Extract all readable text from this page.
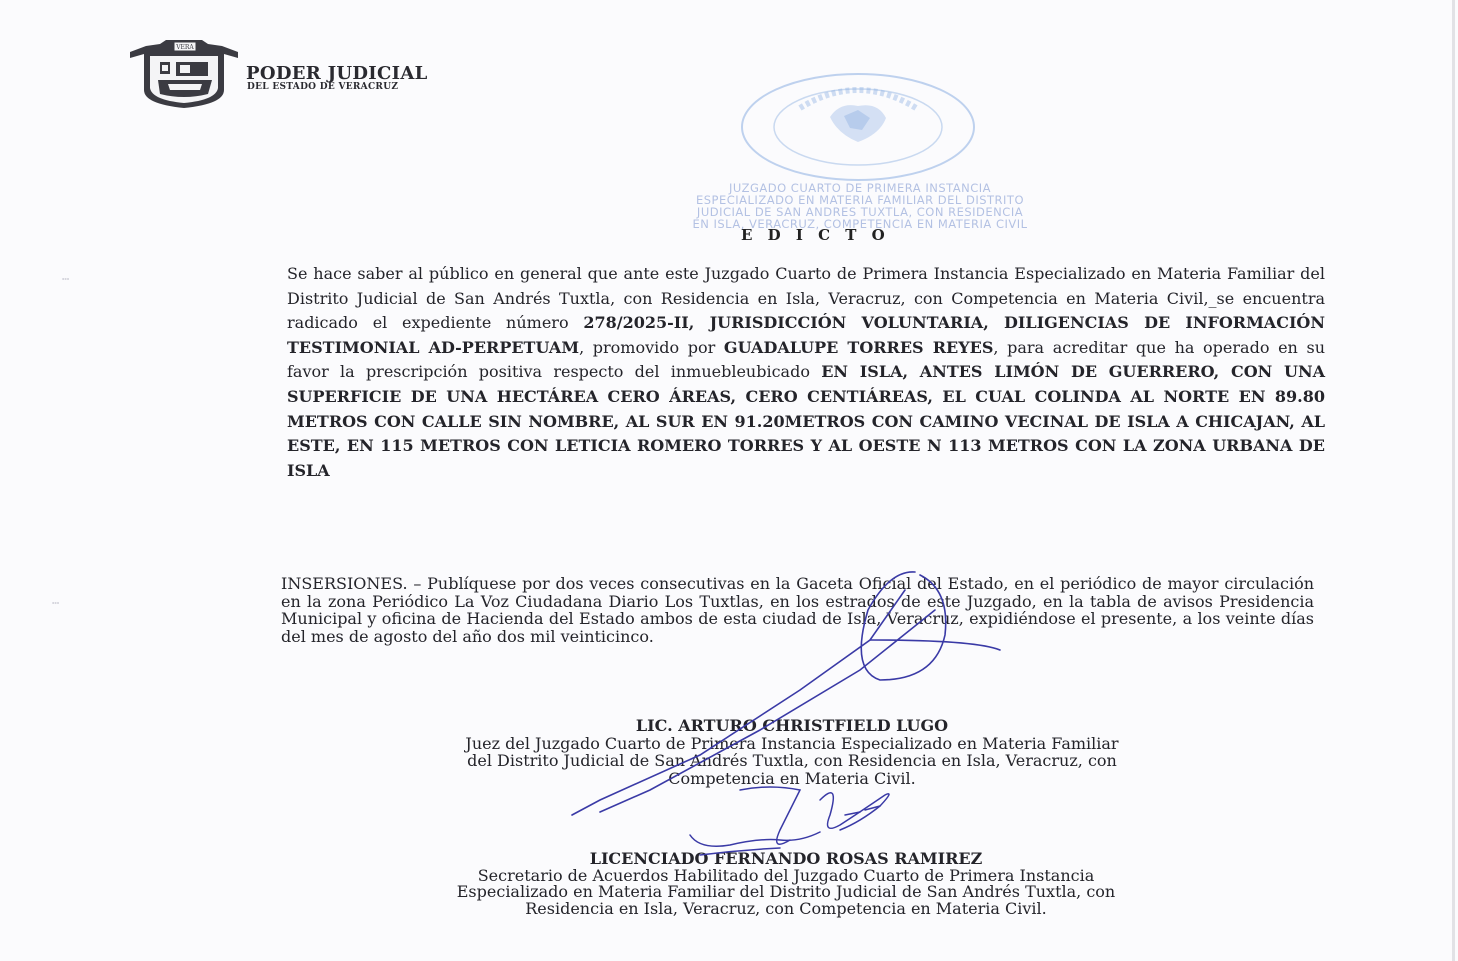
┅
┅
VERA
PODER JUDICIAL
DEL ESTADO DE VERACRUZ
JUZGADO CUARTO DE PRIMERA INSTANCIA
ESPECIALIZADO EN MATERIA FAMILIAR DEL DISTRITO
JUDICIAL DE SAN ANDRES TUXTLA, CON RESIDENCIA
EN ISLA, VERACRUZ, COMPETENCIA EN MATERIA CIVIL
E D I C T O
Se hace saber al público en general que ante este Juzgado Cuarto de Primera Instancia Especializado en Materia Familiar del Distrito Judicial de San Andrés Tuxtla, con Residencia en Isla, Veracruz, con Competencia en Materia Civil,_se encuentra radicado el expediente número 278/2025-II, JURISDICCIÓN VOLUNTARIA, DILIGENCIAS DE INFORMACIÓN TESTIMONIAL AD-PERPETUAM, promovido por GUADALUPE TORRES REYES, para acreditar que ha operado en su favor la prescripción positiva respecto del inmuebleubicado EN ISLA, ANTES LIMÓN DE GUERRERO, CON UNA SUPERFICIE DE UNA HECTÁREA CERO ÁREAS, CERO CENTIÁREAS, EL CUAL COLINDA AL NORTE EN 89.80 METROS CON CALLE SIN NOMBRE, AL SUR EN 91.20METROS CON CAMINO VECINAL DE ISLA A CHICAJAN, AL ESTE, EN 115 METROS CON LETICIA ROMERO TORRES Y AL OESTE N 113 METROS CON LA ZONA URBANA DE ISLA
INSERSIONES. – Publíquese por dos veces consecutivas en la Gaceta Oficial del Estado, en el periódico de mayor circulación en la zona Periódico La Voz Ciudadana Diario Los Tuxtlas, en los estrados de este Juzgado, en la tabla de avisos Presidencia Municipal y oficina de Hacienda del Estado ambos de esta ciudad de Isla, Veracruz, expidiéndose el presente, a los veinte días del mes de agosto del año dos mil veinticinco.
LIC. ARTURO CHRISTFIELD LUGO
Juez del Juzgado Cuarto de Primera Instancia Especializado en Materia Familiar
del Distrito Judicial de San Andrés Tuxtla, con Residencia en Isla, Veracruz, con
Competencia en Materia Civil.
LICENCIADO FERNANDO ROSAS RAMIREZ
Secretario de Acuerdos Habilitado del Juzgado Cuarto de Primera Instancia
Especializado en Materia Familiar del Distrito Judicial de San Andrés Tuxtla, con
Residencia en Isla, Veracruz, con Competencia en Materia Civil.
